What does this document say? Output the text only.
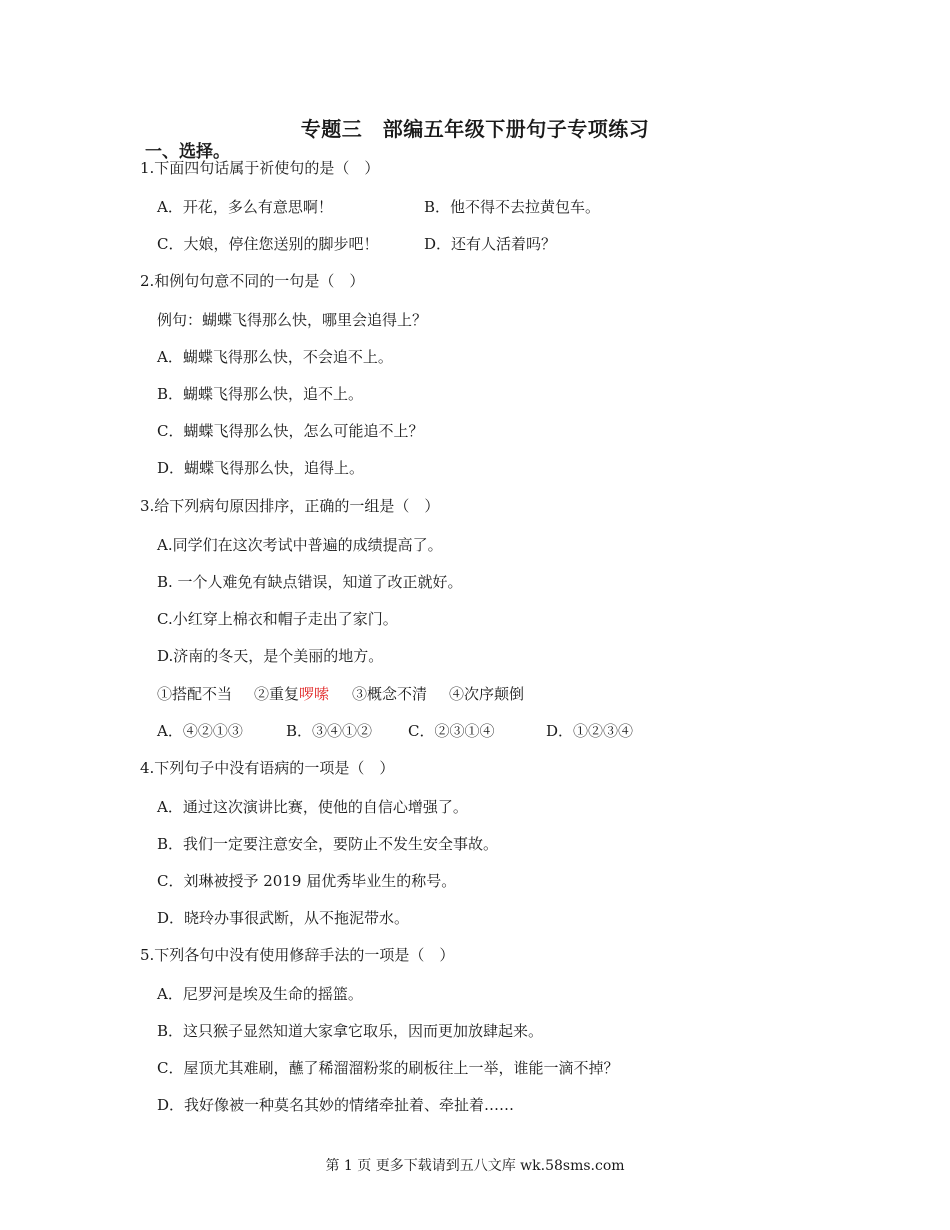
专题三　部编五年级下册句子专项练习
一、选择。
1.下面四句话属于祈使句的是（　）
A．开花，多么有意思啊！	B．他不得不去拉黄包车。
C．大娘，停住您送别的脚步吧！	D．还有人活着吗？
2.和例句句意不同的一句是（　）
例句：蝴蝶飞得那么快，哪里会追得上？
A．蝴蝶飞得那么快，不会追不上。
B．蝴蝶飞得那么快，追不上。
C．蝴蝶飞得那么快，怎么可能追不上？
D．蝴蝶飞得那么快，追得上。
3.给下列病句原因排序，正确的一组是（　）
A.同学们在这次考试中普遍的成绩提高了。
B. 一个人难免有缺点错误，知道了改正就好。
C.小红穿上棉衣和帽子走出了家门。
D.济南的冬天，是个美丽的地方。
①搭配不当 ②重复啰嗦 ③概念不清 ④次序颠倒
A．④②①③	B．③④①② C．②③①④	D．①②③④
4.下列句子中没有语病的一项是（　）
A．通过这次演讲比赛，使他的自信心增强了。
B．我们一定要注意安全，要防止不发生安全事故。
C．刘琳被授予 2019 届优秀毕业生的称号。
D．晓玲办事很武断，从不拖泥带水。
5.下列各句中没有使用修辞手法的一项是（　）
A．尼罗河是埃及生命的摇篮。
B．这只猴子显然知道大家拿它取乐，因而更加放肆起来。
C．屋顶尤其难刷，蘸了稀溜溜粉浆的刷板往上一举，谁能一滴不掉？
D．我好像被一种莫名其妙的情绪牵扯着、牵扯着……
第 1 页 更多下载请到五八文库 wk.58sms.com
